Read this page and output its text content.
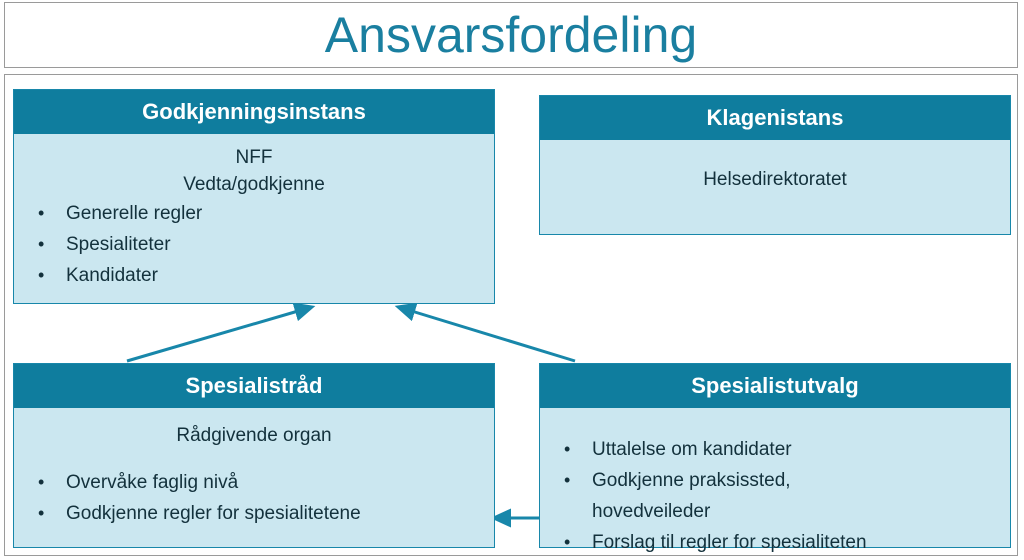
Ansvarsfordeling
Godkjenningsinstans
NFF
Vedta/godkjenne
• Generelle regler
• Spesialiteter
• Kandidater
Klagenistans
Helsedirektoratet
Spesialistråd
Rådgivende organ
• Overvåke faglig nivå
• Godkjenne regler for spesialitetene
Spesialistutvalg
• Uttalelse om kandidater
• Godkjenne praksissted,
hovedveileder
• Forslag til regler for spesialiteten
